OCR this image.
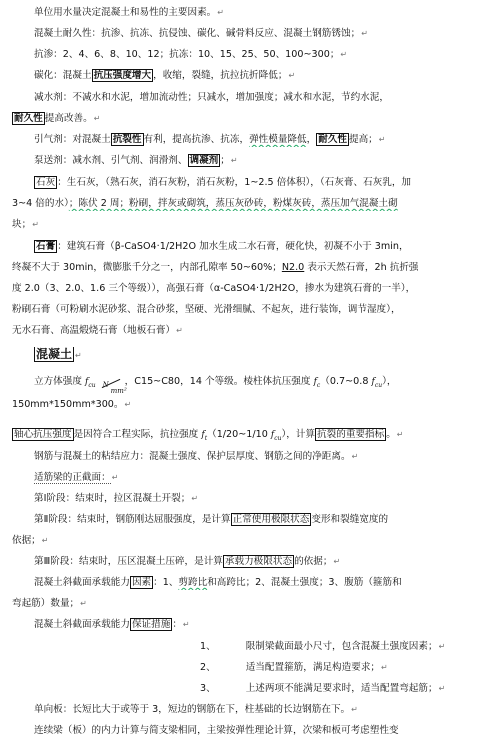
单位用水量决定混凝土和易性的主要因素。↵
混凝土耐久性：抗渗、抗冻、抗侵蚀、碳化、碱骨料反应、混凝土钢筋锈蚀；↵
抗渗：2、4、6、8、10、12；抗冻：10、15、25、50、100~300；↵
碳化：混凝土 抗压强度增大 ，收缩，裂缝，抗拉抗折降低；↵
减水剂：不减水和水泥，增加流动性；只减水，增加强度；减水和水泥，节约水泥，
耐久性 提高改善。↵
引气剂：对混凝土 抗裂性 有利，提高抗渗、抗冻，弹性模量降低， 耐久性 提高；↵
泵送剂：减水剂、引气剂、润滑剂、 调凝剂 ；↵
石灰 ：生石灰，（熟石灰，消石灰粉，消石灰粉，1~2.5 倍体积），（石灰膏、石灰乳，加
3~4 倍的水）；陈伏 2 周；粉刷，拌灰或砌筑，蒸压灰砂砖，粉煤灰砖，蒸压加气混凝土砌
块；↵
石膏 ：建筑石膏（β-CaSO4·1/2H2O 加水生成二水石膏，硬化快，初凝不小于 3min，
终凝不大于 30min，微膨胀千分之一，内部孔隙率 50~60%；N2.0 表示天然石膏，2h 抗折强
度 2.0（3、2.0、1.6 三个等级）），高强石膏（α-CaSO4·1/2H2O，掺水为建筑石膏的一半），
粉刷石膏（可粉刷水泥砂浆、混合砂浆，坚硬、光滑细腻、不起灰，进行装饰，调节湿度），
无水石膏、高温煅烧石膏（地板石膏）↵
混凝土 ↵
立方体强度 $f_{cu}$ N
mm²
，C15~C80，14 个等级。棱柱体抗压强度 $f_c(0.7\sim 0.8$ $f_{cu}$），
150mm*150mm*300。↵
轴心抗压强度 是因符合工程实际，抗拉强度 $f_t(1/20\sim 1/10$ $f_{cu}$），计算 抗裂的重要指标 。↵
钢筋与混凝土的粘结应力：混凝土强度、保护层厚度、钢筋之间的净距离。↵
适筋梁的正截面：↵
第Ⅰ阶段：结束时，拉区混凝土开裂；↵
第Ⅱ阶段：结束时，钢筋刚达屈服强度，是计算 正常使用极限状态 变形和裂缝宽度的
依据；↵
第Ⅲ阶段：结束时，压区混凝土压碎，是计算 承载力极限状态 的依据；↵
混凝土斜截面承载能力 因素 ：1、剪跨比和高跨比；2、混凝土强度；3、腹筋（箍筋和
弯起筋）数量；↵
混凝土斜截面承载能力 保证措施 ：↵
1、	限制梁截面最小尺寸，包含混凝土强度因素；↵
2、	适当配置箍筋，满足构造要求；↵
3、	上述两项不能满足要求时，适当配置弯起筋；↵
单向板：长短比大于或等于 3，短边的钢筋在下，柱基础的长边钢筋在下。↵
连续梁（板）的内力计算与简支梁相同，主梁按弹性理论计算，次梁和板可考虑塑性变
